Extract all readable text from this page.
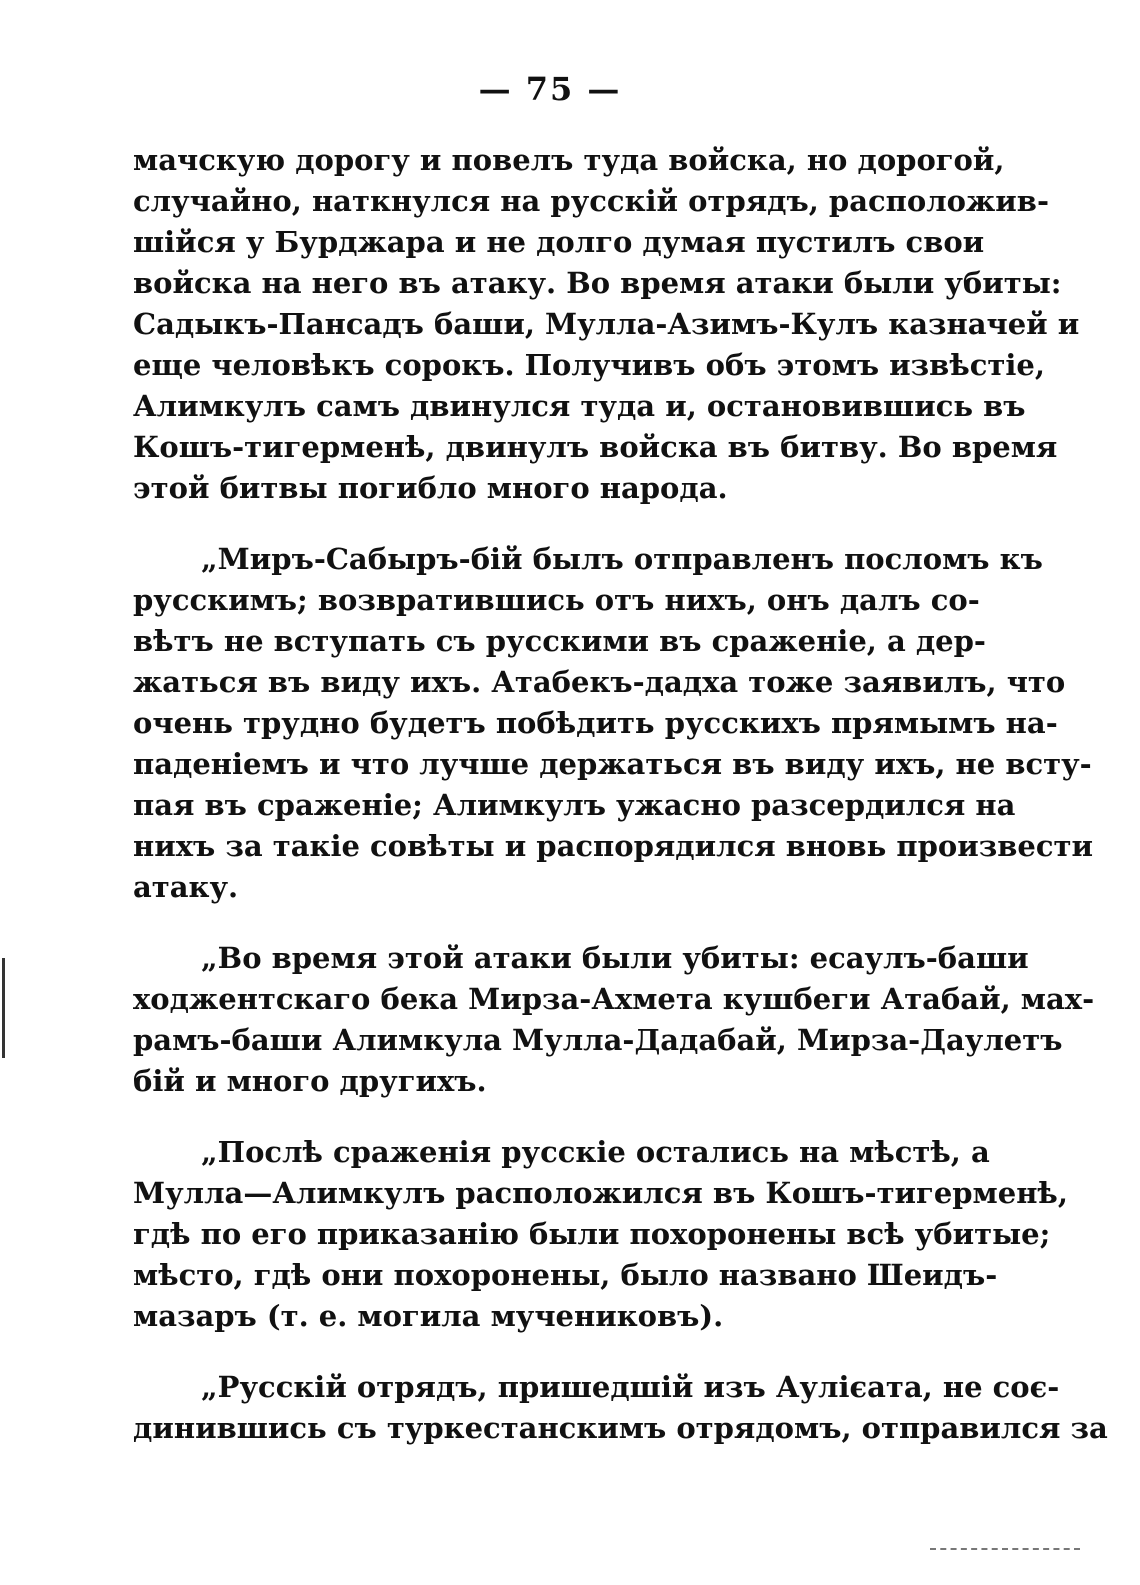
— 75 —
мачскую дорогу и повелъ туда войска, но дорогой,
случайно, наткнулся на русскій отрядъ, расположив-
шійся у Бурджара и не долго думая пустилъ свои
войска на него въ атаку. Во время атаки были убиты:
Садыкъ-Пансадъ баши, Мулла-Азимъ-Кулъ казначей и
еще человѣкъ сорокъ. Получивъ объ этомъ извѣстіе,
Алимкулъ самъ двинулся туда и, остановившись въ
Кошъ-тигерменѣ, двинулъ войска въ битву. Во время
этой битвы погибло много народа.
„Миръ-Сабыръ-бій былъ отправленъ посломъ къ
русскимъ; возвратившись отъ нихъ, онъ далъ со-
вѣтъ не вступать съ русскими въ сраженіе, а дер-
жаться въ виду ихъ. Атабекъ-дадха тоже заявилъ, что
очень трудно будетъ побѣдить русскихъ прямымъ на-
паденіемъ и что лучше держаться въ виду ихъ, не всту-
пая въ сраженіе; Алимкулъ ужасно разсердился на
нихъ за такіе совѣты и распорядился вновь произвести
атаку.
„Во время этой атаки были убиты: есаулъ-баши
ходжентскаго бека Мирза-Ахмета кушбеги Атабай, мах-
рамъ-баши Алимкула Мулла-Дадабай, Мирза-Даулетъ
бій и много другихъ.
„Послѣ сраженія русскіе остались на мѣстѣ, а
Мулла—Алимкулъ расположился въ Кошъ-тигерменѣ,
гдѣ по его приказанію были похоронены всѣ убитые;
мѣсто, гдѣ они похоронены, было названо Шеидъ-
мазаръ (т. е. могила мучениковъ).
„Русскій отрядъ, пришедшій изъ Аулієата, не соє-
динившись съ туркестанскимъ отрядомъ, отправился за
